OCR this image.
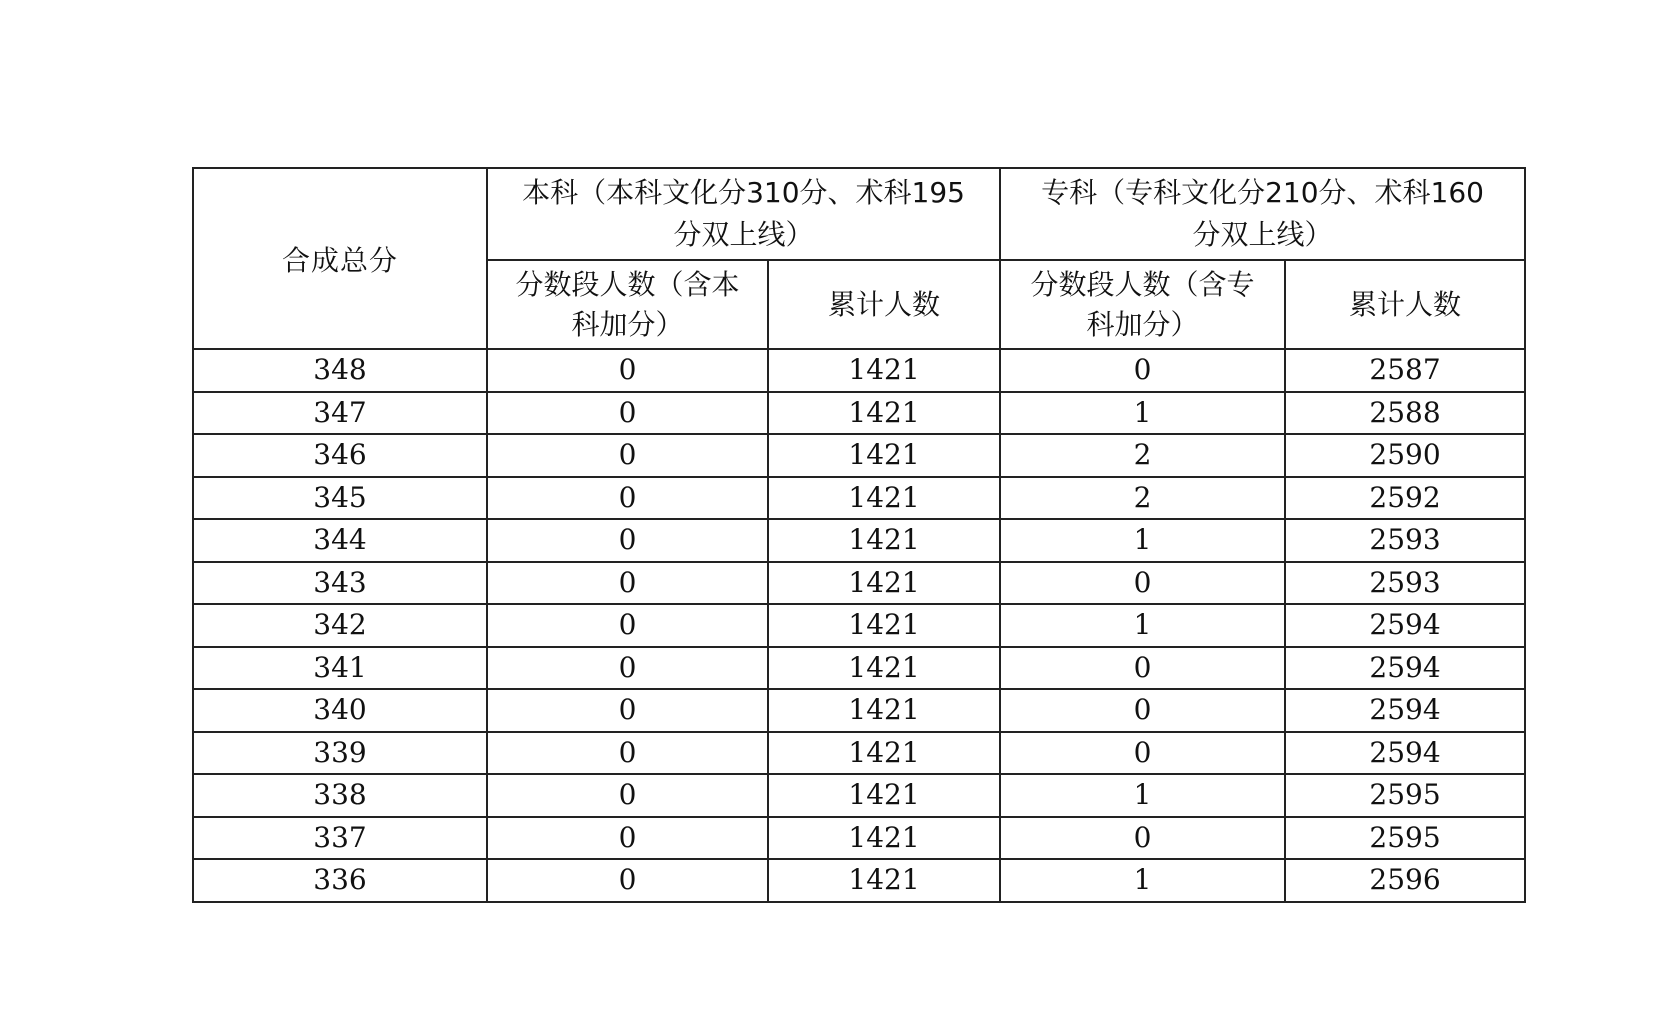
合成总分	本科（本科文化分310分、术科195
分双上线）		专科（专科文化分210分、术科160
分双上线）	

	分数段人数（含本 科加分）	累计人数	分数段人数（含专 科加分）	累计人数
348	0	1421	0	2587
347	0	1421	1	2588
346	0	1421	2	2590
345	0	1421	2	2592
344	0	1421	1	2593
343	0	1421	0	2593
342	0	1421	1	2594
341	0	1421	0	2594
340	0	1421	0	2594
339	0	1421	0	2594
338	0	1421	1	2595
337	0	1421	0	2595
336	0	1421	1	2596
